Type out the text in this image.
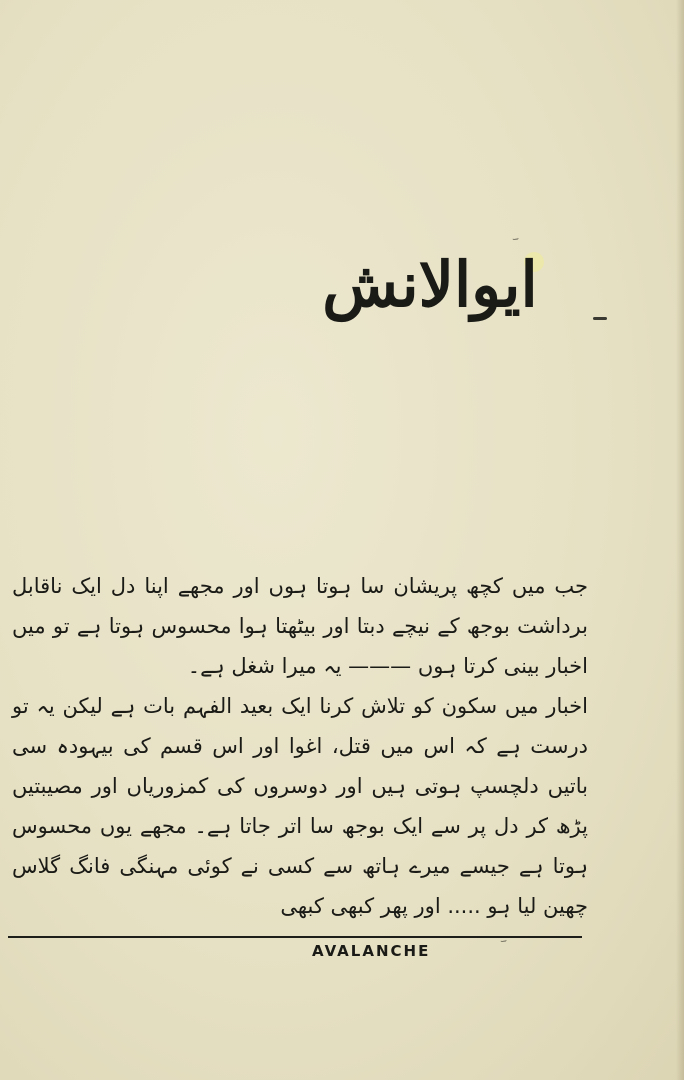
ایوالانش

جب میں کچھ پریشان سا ہوتا ہوں اور مجھے اپنا دل ایک ناقابل برداشت بوجھ کے نیچے دبتا اور بیٹھتا ہوا محسوس ہوتا ہے تو میں اخبار بینی کرتا ہوں ——— یہ میرا شغل ہے۔

اخبار میں سکون کو تلاش کرنا ایک بعید الفہم بات ہے لیکن یہ تو درست ہے کہ اس میں قتل، اغوا اور اس قسم کی بیہودہ سی باتیں دلچسپ ہوتی ہیں اور دوسروں کی کمزوریاں اور مصیبتیں پڑھ کر دل پر سے ایک بوجھ سا اتر جاتا ہے۔ مجھے یوں محسوس ہوتا ہے جیسے میرے ہاتھ سے کسی نے کوئی مہنگی فانگ گلاس چھین لیا ہو ..... اور پھر کبھی کبھی

AVALANCHE
